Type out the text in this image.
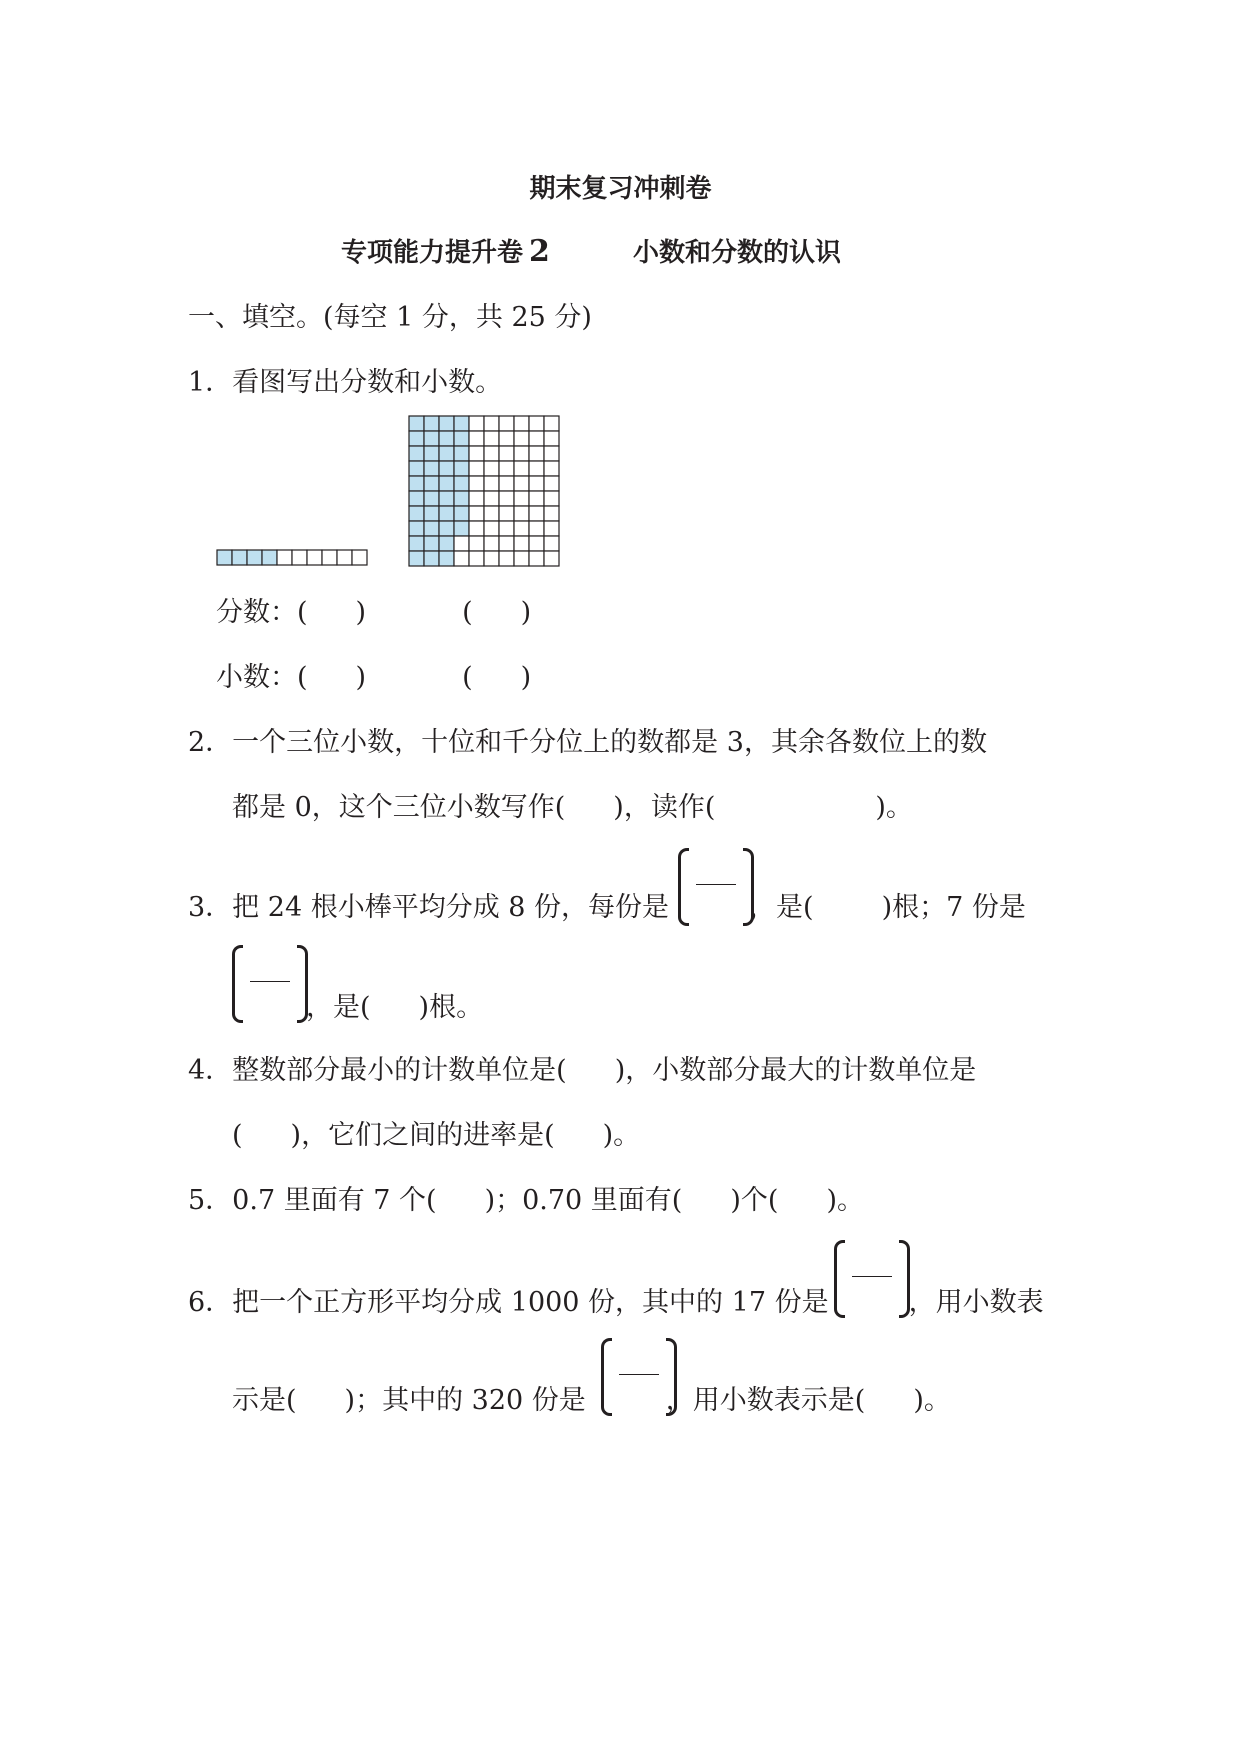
期末复习冲刺卷
专项能力提升卷 2	小数和分数的认识
一、填空。(每空 1 分，共 25 分)
1．看图写出分数和小数。
分数：( )	( )
小数：( )	( )
2．一个三位小数，十位和千分位上的数都是 3，其余各数位上的数
都是 0，这个三位小数写作( )，读作(	)。
3．把 24 根小棒平均分成 8 份，每份是	，是(	)根；7 份是
，是( )根。
4．整数部分最小的计数单位是( )，小数部分最大的计数单位是
( )，它们之间的进率是( )。
5．0.7 里面有 7 个( )；0.70 里面有( )个( )。
6．把一个正方形平均分成 1000 份，其中的 17 份是	，用小数表
示是( )；其中的 320 份是	，用小数表示是( )。
